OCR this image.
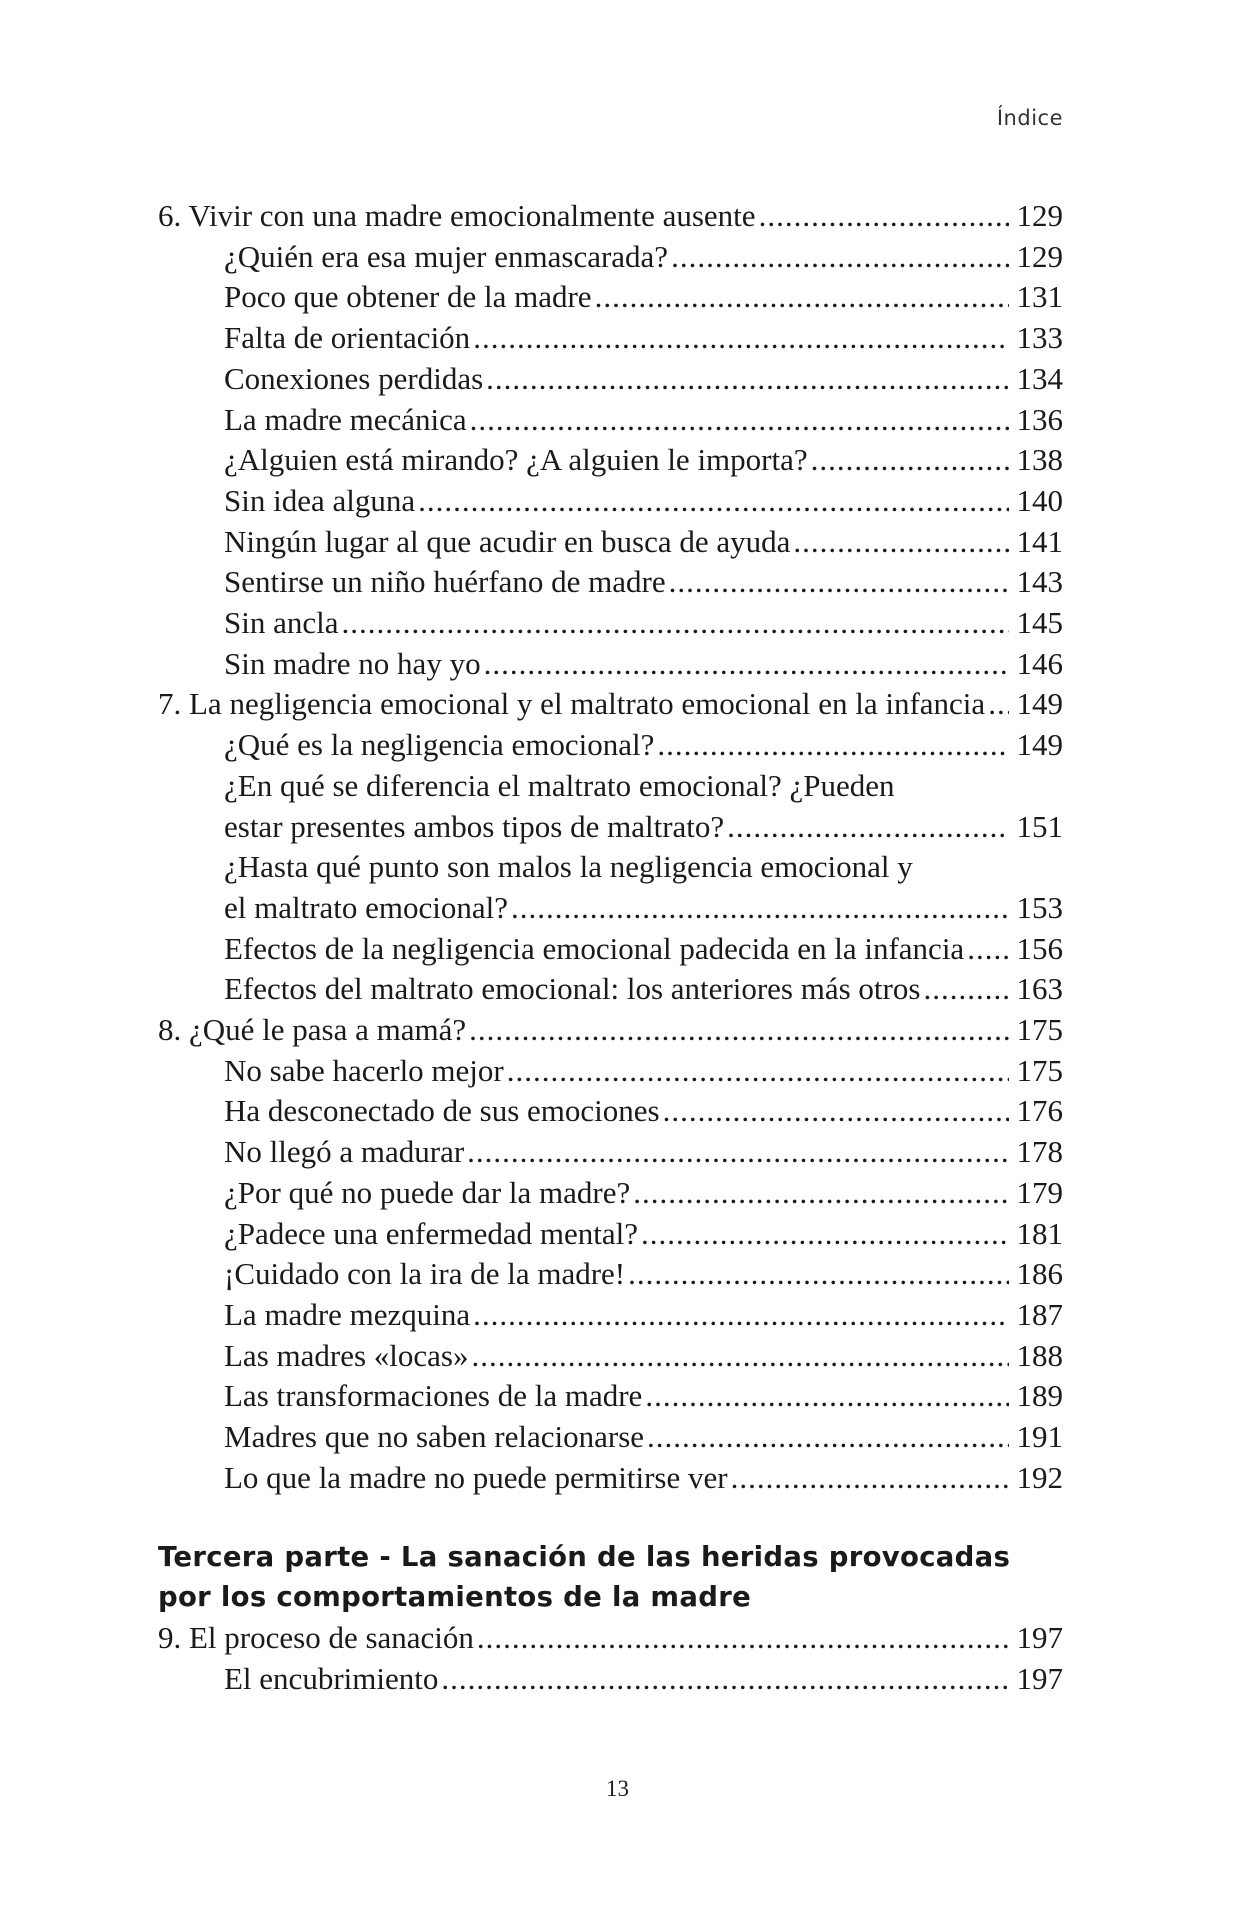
Índice
6. Vivir con una madre emocionalmente ausente .....	129
¿Quién era esa mujer enmascarada? .....	129
Poco que obtener de la madre .....	131
Falta de orientación .....	133
Conexiones perdidas .....	134
La madre mecánica .....	136
¿Alguien está mirando? ¿A alguien le importa? .....	138
Sin idea alguna .....	140
Ningún lugar al que acudir en busca de ayuda .....	141
Sentirse un niño huérfano de madre .....	143
Sin ancla .....	145
Sin madre no hay yo .....	146
7. La negligencia emocional y el maltrato emocional en la infancia ..... 149
¿Qué es la negligencia emocional? .....	149
¿En qué se diferencia el maltrato emocional? ¿Pueden
estar presentes ambos tipos de maltrato? .....	151
¿Hasta qué punto son malos la negligencia emocional y
el maltrato emocional? .....	153
Efectos de la negligencia emocional padecida en la infancia ..... 156
Efectos del maltrato emocional: los anteriores más otros .....	163
8. ¿Qué le pasa a mamá? .....	175
No sabe hacerlo mejor .....	175
Ha desconectado de sus emociones .....	176
No llegó a madurar .....	178
¿Por qué no puede dar la madre? .....	179
¿Padece una enfermedad mental? .....	181
¡Cuidado con la ira de la madre! .....	186
La madre mezquina .....	187
Las madres «locas» .....	188
Las transformaciones de la madre .....	189
Madres que no saben relacionarse .....	191
Lo que la madre no puede permitirse ver .....	192
Tercera parte - La sanación de las heridas provocadas
por los comportamientos de la madre
9. El proceso de sanación .....	197
El encubrimiento .....	197
13
